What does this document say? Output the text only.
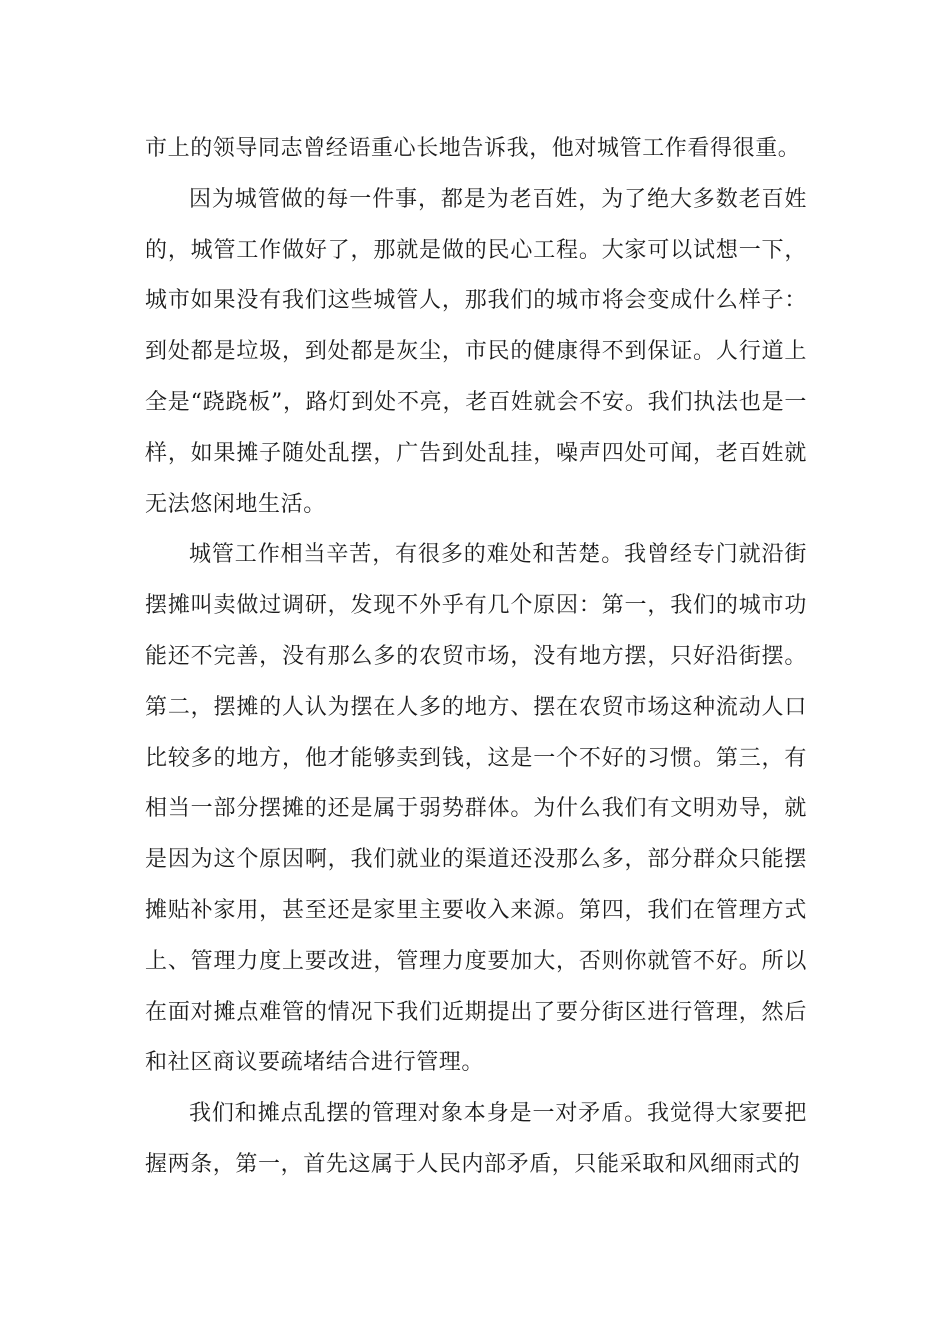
市上的领导同志曾经语重心长地告诉我，他对城管工作看得很重。

因为城管做的每一件事，都是为老百姓，为了绝大多数老百姓的，城管工作做好了，那就是做的民心工程。大家可以试想一下，城市如果没有我们这些城管人，那我们的城市将会变成什么样子：到处都是垃圾，到处都是灰尘，市民的健康得不到保证。人行道上全是“跷跷板”，路灯到处不亮，老百姓就会不安。我们执法也是一样，如果摊子随处乱摆，广告到处乱挂，噪声四处可闻，老百姓就无法悠闲地生活。

城管工作相当辛苦，有很多的难处和苦楚。我曾经专门就沿街摆摊叫卖做过调研，发现不外乎有几个原因：第一，我们的城市功能还不完善，没有那么多的农贸市场，没有地方摆，只好沿街摆。第二，摆摊的人认为摆在人多的地方、摆在农贸市场这种流动人口比较多的地方，他才能够卖到钱，这是一个不好的习惯。第三，有相当一部分摆摊的还是属于弱势群体。为什么我们有文明劝导，就是因为这个原因啊，我们就业的渠道还没那么多，部分群众只能摆摊贴补家用，甚至还是家里主要收入来源。第四，我们在管理方式上、管理力度上要改进，管理力度要加大，否则你就管不好。所以在面对摊点难管的情况下我们近期提出了要分街区进行管理，然后和社区商议要疏堵结合进行管理。

我们和摊点乱摆的管理对象本身是一对矛盾。我觉得大家要把握两条，第一，首先这属于人民内部矛盾，只能采取和风细雨式的
